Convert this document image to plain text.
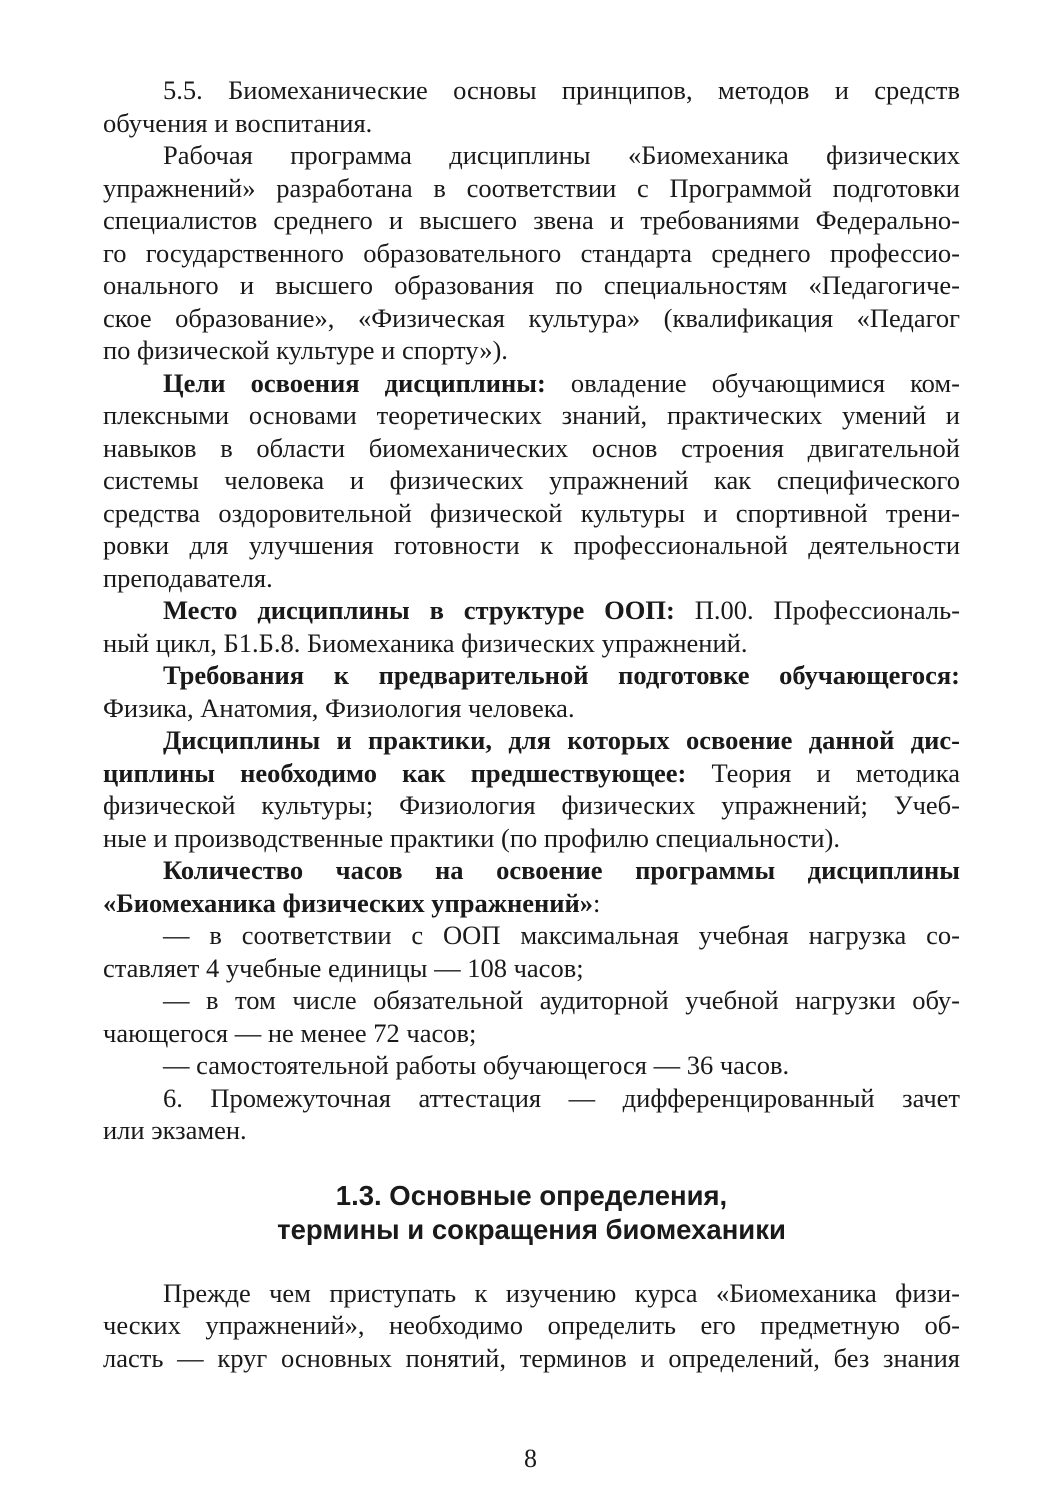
5.5. Биомеханические основы принципов, методов и средств
обучения и воспитания.

Рабочая программа дисциплины «Биомеханика физических
упражнений» разработана в соответствии с Программой подготовки
специалистов среднего и высшего звена и требованиями Федерально-
го государственного образовательного стандарта среднего профессио-
онального и высшего образования по специальностям «Педагогиче-
ское образование», «Физическая культура» (квалификация «Педагог
по физической культуре и спорту»).

Цели освоения дисциплины: овладение обучающимися ком-
плексными основами теоретических знаний, практических умений и
навыков в области биомеханических основ строения двигательной
системы человека и физических упражнений как специфического
средства оздоровительной физической культуры и спортивной трени-
ровки для улучшения готовности к профессиональной деятельности
преподавателя.

Место дисциплины в структуре ООП: П.00. Профессиональ-
ный цикл, Б1.Б.8. Биомеханика физических упражнений.

Требования к предварительной подготовке обучающегося:
Физика, Анатомия, Физиология человека.

Дисциплины и практики, для которых освоение данной дис-
циплины необходимо как предшествующее: Теория и методика
физической культуры; Физиология физических упражнений; Учеб-
ные и производственные практики (по профилю специальности).

Количество часов на освоение программы дисциплины
«Биомеханика физических упражнений»:

— в соответствии с ООП максимальная учебная нагрузка со-
ставляет 4 учебные единицы — 108 часов;

— в том числе обязательной аудиторной учебной нагрузки обу-
чающегося — не менее 72 часов;

— самостоятельной работы обучающегося — 36 часов.

6. Промежуточная аттестация — дифференцированный зачет
или экзамен.

1.3. Основные определения,
термины и сокращения биомеханики

Прежде чем приступать к изучению курса «Биомеханика физи-
ческих упражнений», необходимо определить его предметную об-
ласть — круг основных понятий, терминов и определений, без знания

8
